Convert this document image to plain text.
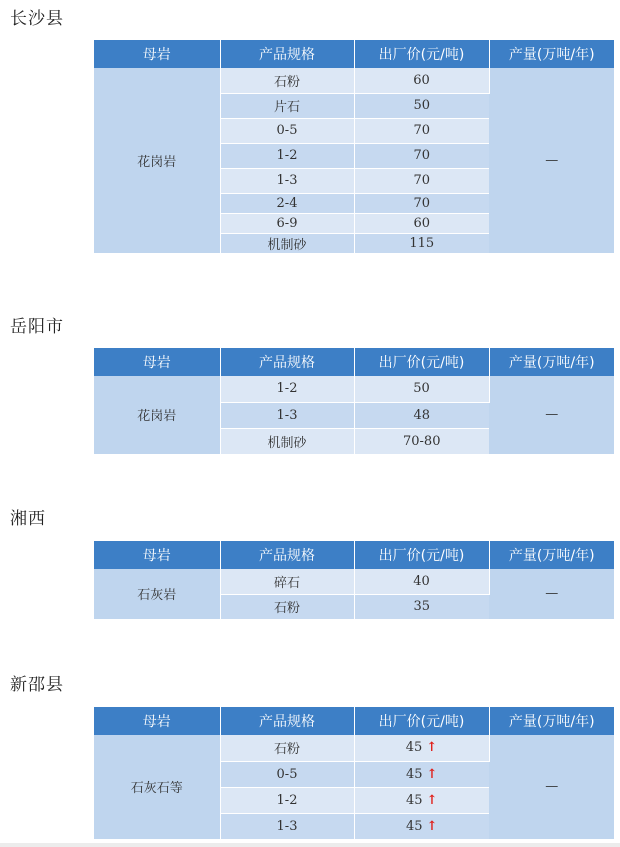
长沙县
母岩	产品规格	出厂价(元/吨)	产量(万吨/年)
花岗岩	石粉	60	—
	片石	50	
	0-5	70	
	1-2	70	
	1-3	70	
	2-4	70	
	6-9	60	
	机制砂	115	
岳阳市
母岩	产品规格	出厂价(元/吨)	产量(万吨/年)
花岗岩	1-2	50	—
	1-3	48	
	机制砂	70-80	
湘西
母岩	产品规格	出厂价(元/吨)	产量(万吨/年)
石灰岩	碎石	40	—
	石粉	35	
新邵县
母岩	产品规格	出厂价(元/吨)	产量(万吨/年)
石灰石等	石粉	45 ↑	—
	0-5	45 ↑	
	1-2	45 ↑	
	1-3	45 ↑	
